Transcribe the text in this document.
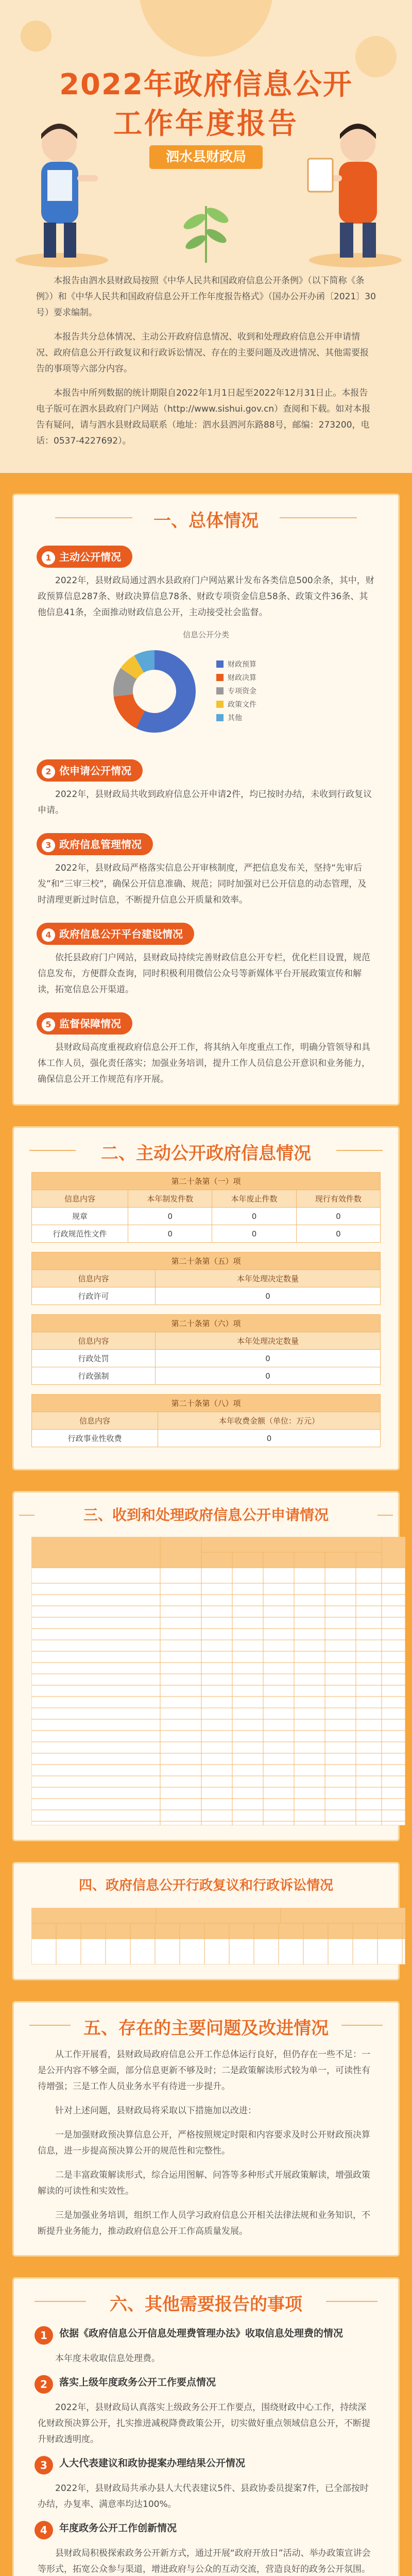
2022年政府信息公开
工作年度报告
泗水县财政局

本报告由泗水县财政局按照《中华人民共和国政府信息公开条例》（以下简称《条例》）和《中华人民共和国政府信息公开工作年度报告格式》（国办公开办函〔2021〕30号）要求编制。

本报告共分总体情况、主动公开政府信息情况、收到和处理政府信息公开申请情况、政府信息公开行政复议和行政诉讼情况、存在的主要问题及改进情况、其他需要报告的事项等六部分内容。

本报告中所列数据的统计期限自2022年1月1日起至2022年12月31日止。本报告电子版可在泗水县政府门户网站（http://www.sishui.gov.cn）查阅和下载。如对本报告有疑问，请与泗水县财政局联系（地址：泗水县泗河东路88号，邮编：273200，电话：0537-4227692）。

一、总体情况
1 主动公开情况

2022年，县财政局通过泗水县政府门户网站累计发布各类信息500余条，其中，财政预算信息287条、财政决算信息78条、财政专项资金信息58条、政策文件36条、其他信息41条，全面推动财政信息公开，主动接受社会监督。

信息公开分类
财政预算
财政决算
专项资金
政策文件
其他
2 依申请公开情况

2022年，县财政局共收到政府信息公开申请2件，均已按时办结，未收到行政复议申请。

3 政府信息管理情况

2022年，县财政局严格落实信息公开审核制度，严把信息发布关，坚持“先审后发”和“三审三校”，确保公开信息准确、规范；同时加强对已公开信息的动态管理，及时清理更新过时信息，不断提升信息公开质量和效率。

4 政府信息公开平台建设情况

依托县政府门户网站，县财政局持续完善财政信息公开专栏，优化栏目设置，规范信息发布，方便群众查询，同时积极利用微信公众号等新媒体平台开展政策宣传和解读，拓宽信息公开渠道。

5 监督保障情况

县财政局高度重视政府信息公开工作，将其纳入年度重点工作，明确分管领导和具体工作人员，强化责任落实；加强业务培训，提升工作人员信息公开意识和业务能力，确保信息公开工作规范有序开展。

二、主动公开政府信息情况
第二十条第（一）项			
信息内容	本年制发件数	本年废止件数	现行有效件数
规章	0	0	0
行政规范性文件	0	0	0
第二十条第（五）项	
信息内容	本年处理决定数量
行政许可	0
第二十条第（六）项	
信息内容	本年处理决定数量
行政处罚	0
行政强制	0
第二十条第（八）项	
信息内容	本年收费金额（单位：万元）
行政事业性收费	0
三、收到和处理政府信息公开申请情况
四、政府信息公开行政复议和行政诉讼情况
五、存在的主要问题及改进情况

从工作开展看，县财政局政府信息公开工作总体运行良好，但仍存在一些不足：一是公开内容不够全面，部分信息更新不够及时；二是政策解读形式较为单一，可读性有待增强；三是工作人员业务水平有待进一步提升。

针对上述问题，县财政局将采取以下措施加以改进：

一是加强财政预决算信息公开，严格按照规定时限和内容要求及时公开财政预决算信息，进一步提高预决算公开的规范性和完整性。

二是丰富政策解读形式，综合运用图解、问答等多种形式开展政策解读，增强政策解读的可读性和实效性。

三是加强业务培训，组织工作人员学习政府信息公开相关法律法规和业务知识，不断提升业务能力，推动政府信息公开工作高质量发展。

六、其他需要报告的事项
1	依据《政府信息公开信息处理费管理办法》收取信息处理费的情况

本年度未收取信息处理费。

2	落实上级年度政务公开工作要点情况

2022年，县财政局认真落实上级政务公开工作要点，围绕财政中心工作，持续深化财政预决算公开，扎实推进减税降费政策公开，切实做好重点领域信息公开，不断提升财政透明度。

3	人大代表建议和政协提案办理结果公开情况

2022年，县财政局共承办县人大代表建议5件、县政协委员提案7件，已全部按时办结，办复率、满意率均达100%。

4	年度政务公开工作创新情况

县财政局积极探索政务公开新方式，通过开展“政府开放日”活动、举办政策宣讲会等形式，拓宽公众参与渠道，增进政府与公众的互动交流，营造良好的政务公开氛围。
